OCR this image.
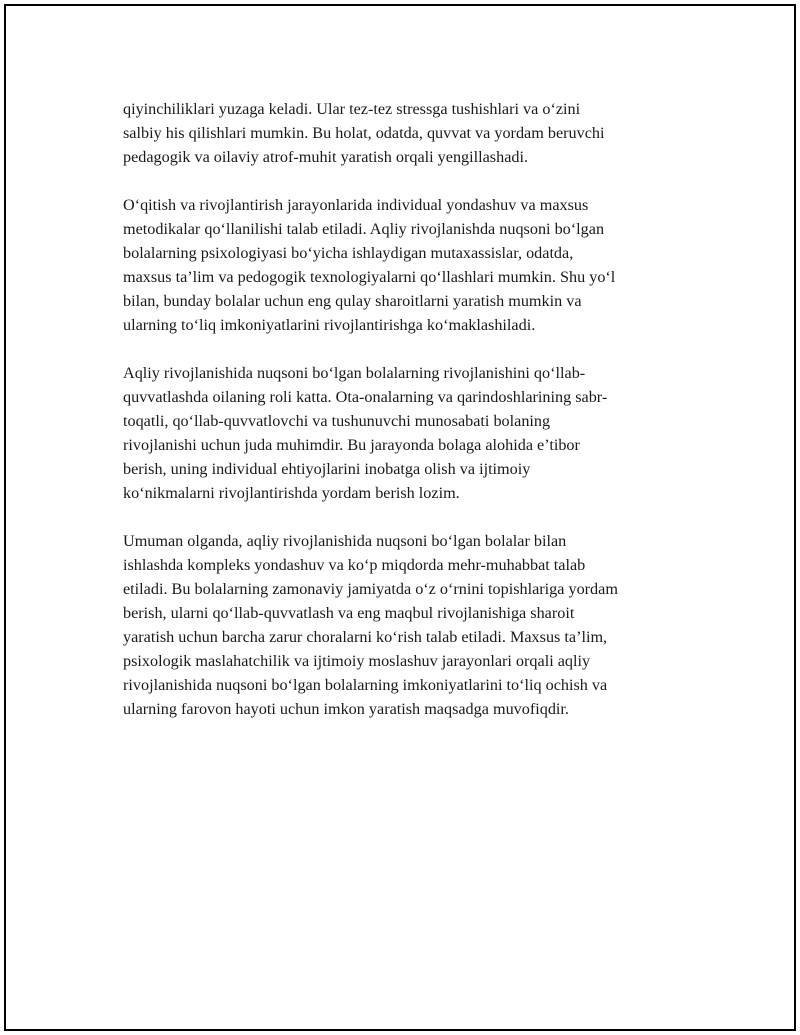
qiyinchiliklari yuzaga keladi. Ular tez-tez stressga tushishlari va o‘zini
salbiy his qilishlari mumkin. Bu holat, odatda, quvvat va yordam beruvchi
pedagogik va oilaviy atrof-muhit yaratish orqali yengillashadi.

O‘qitish va rivojlantirish jarayonlarida individual yondashuv va maxsus
metodikalar qo‘llanilishi talab etiladi. Aqliy rivojlanishda nuqsoni bo‘lgan
bolalarning psixologiyasi bo‘yicha ishlaydigan mutaxassislar, odatda,
maxsus ta’lim va pedogogik texnologiyalarni qo‘llashlari mumkin. Shu yo‘l
bilan, bunday bolalar uchun eng qulay sharoitlarni yaratish mumkin va
ularning to‘liq imkoniyatlarini rivojlantirishga ko‘maklashiladi.

Aqliy rivojlanishida nuqsoni bo‘lgan bolalarning rivojlanishini qo‘llab-
quvvatlashda oilaning roli katta. Ota-onalarning va qarindoshlarining sabr-
toqatli, qo‘llab-quvvatlovchi va tushunuvchi munosabati bolaning
rivojlanishi uchun juda muhimdir. Bu jarayonda bolaga alohida e’tibor
berish, uning individual ehtiyojlarini inobatga olish va ijtimoiy
ko‘nikmalarni rivojlantirishda yordam berish lozim.

Umuman olganda, aqliy rivojlanishida nuqsoni bo‘lgan bolalar bilan
ishlashda kompleks yondashuv va ko‘p miqdorda mehr-muhabbat talab
etiladi. Bu bolalarning zamonaviy jamiyatda o‘z o‘rnini topishlariga yordam
berish, ularni qo‘llab-quvvatlash va eng maqbul rivojlanishiga sharoit
yaratish uchun barcha zarur choralarni ko‘rish talab etiladi. Maxsus ta’lim,
psixologik maslahatchilik va ijtimoiy moslashuv jarayonlari orqali aqliy
rivojlanishida nuqsoni bo‘lgan bolalarning imkoniyatlarini to‘liq ochish va
ularning farovon hayoti uchun imkon yaratish maqsadga muvofiqdir.
